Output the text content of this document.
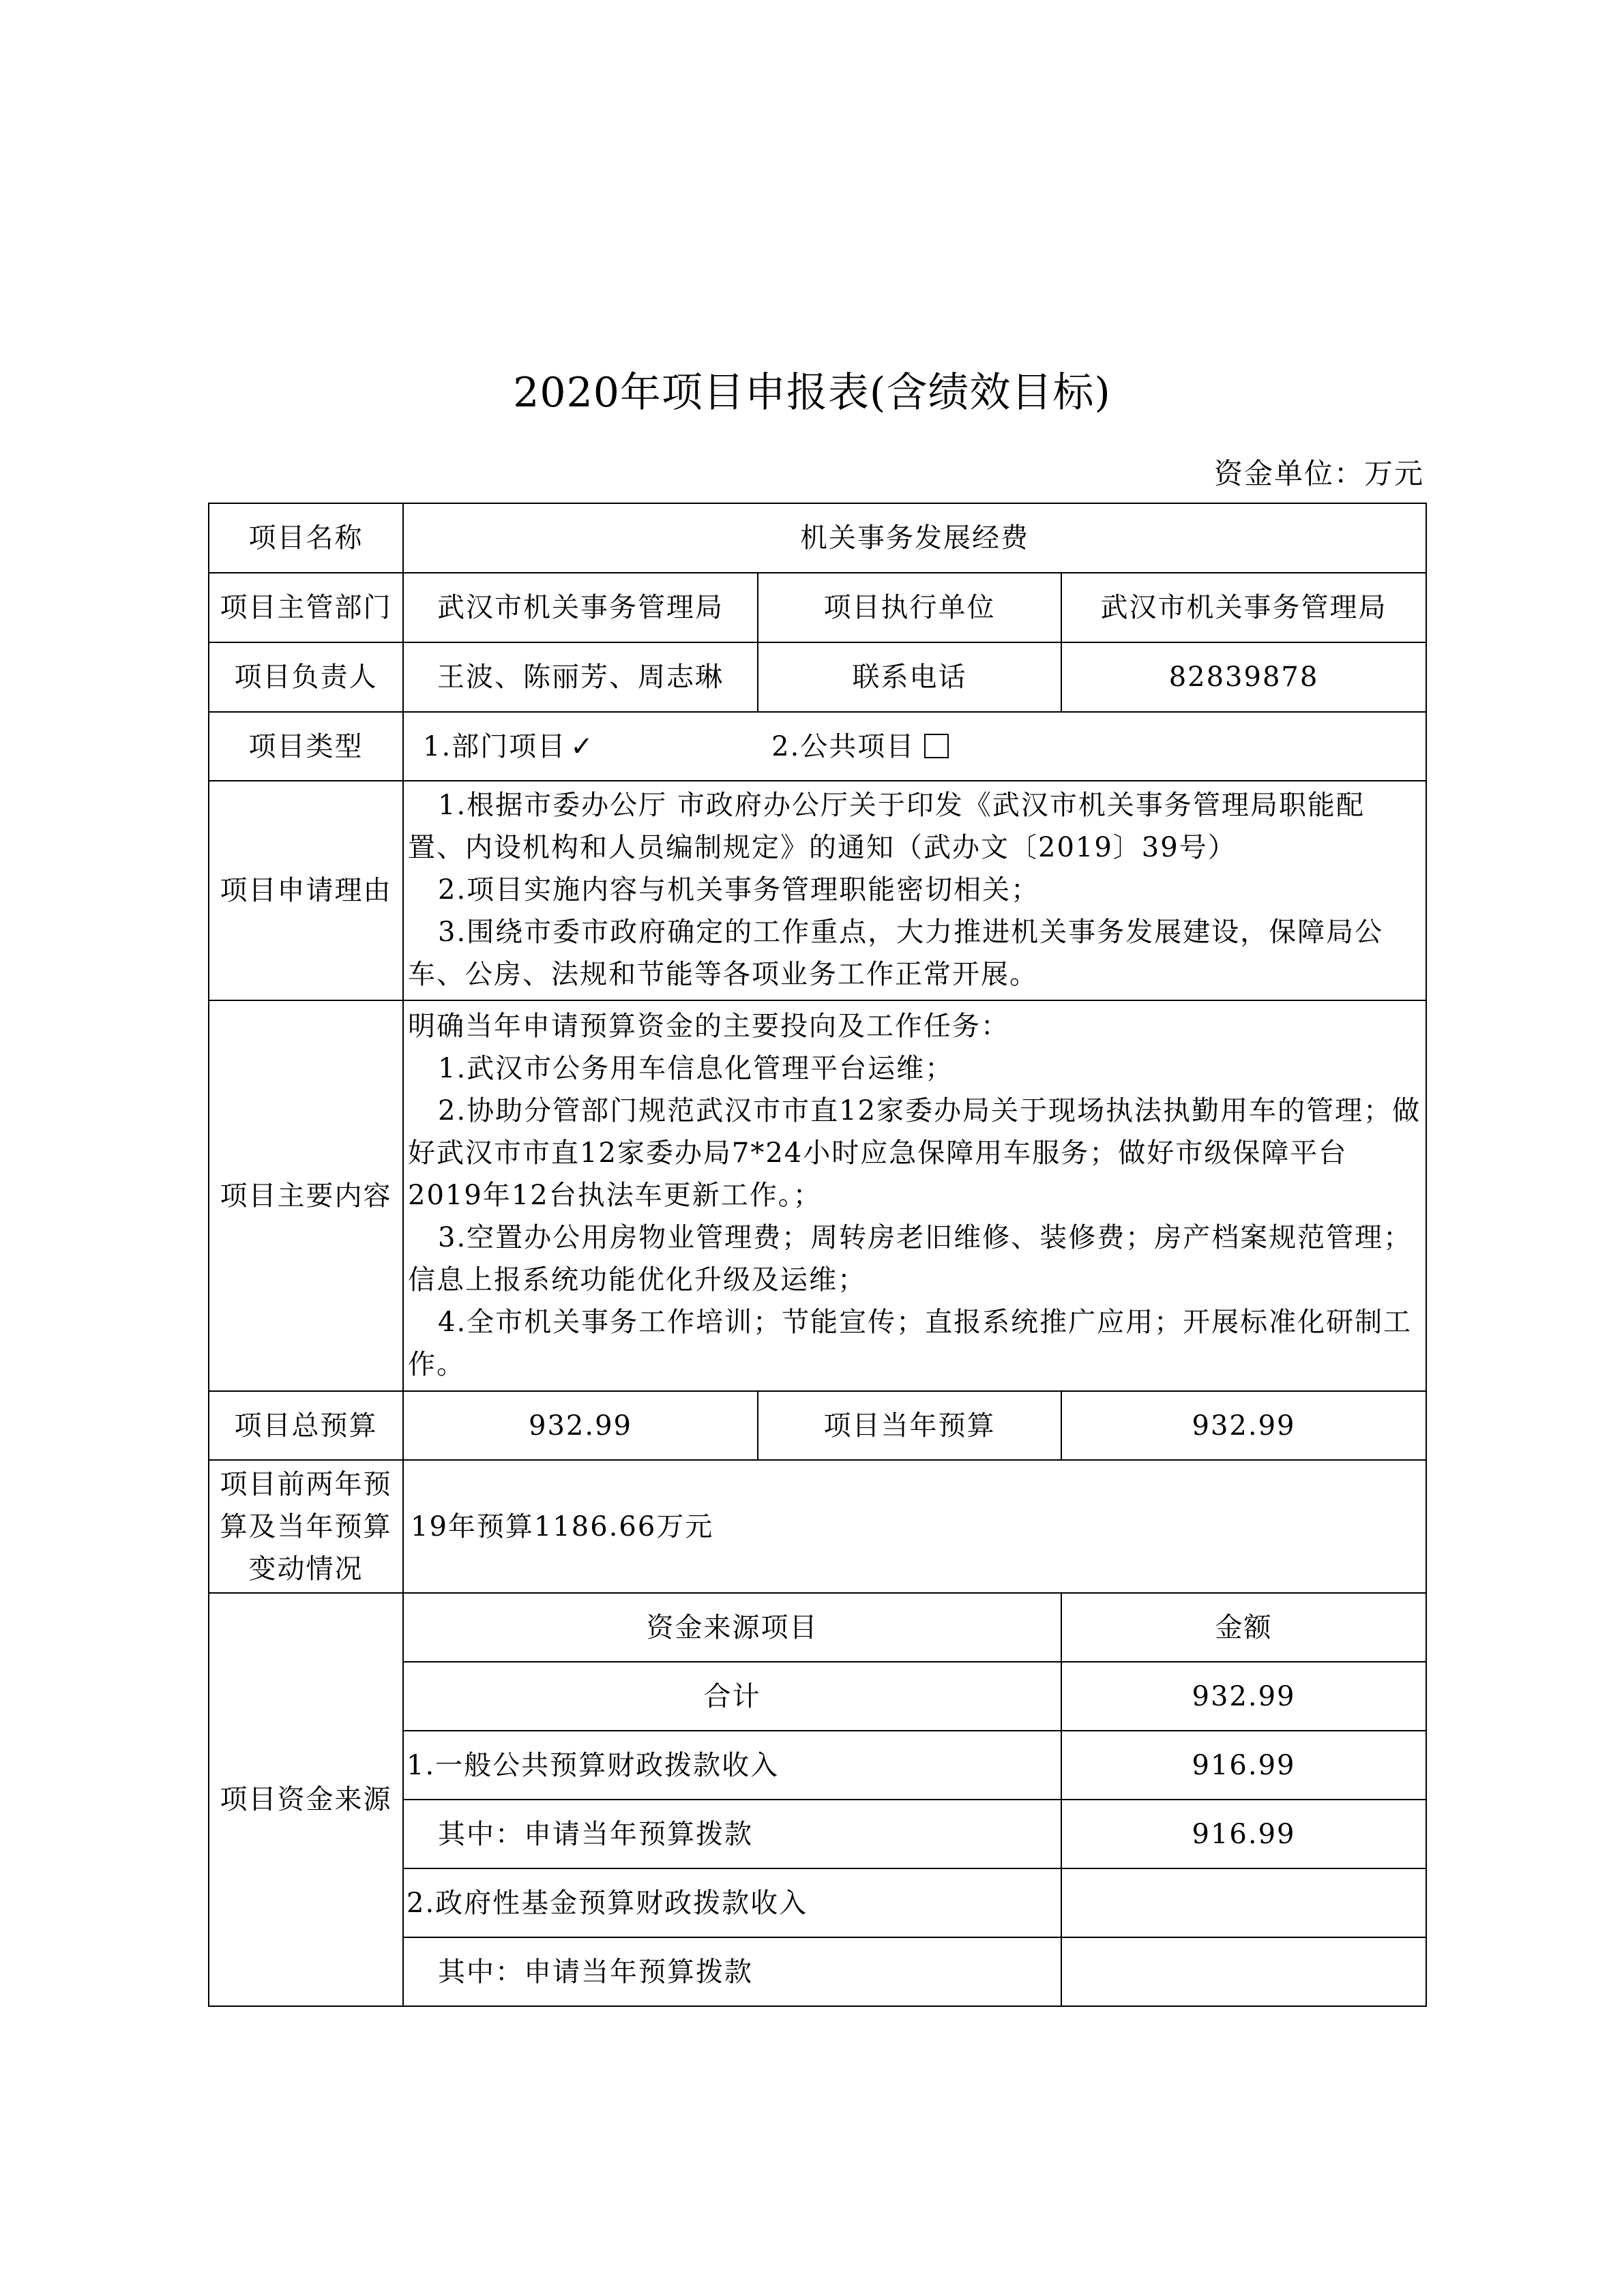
2020年项目申报表(含绩效目标)
资金单位：万元
项目名称	机关事务发展经费		
项目主管部门	武汉市机关事务管理局	项目执行单位	武汉市机关事务管理局
项目负责人	王波、陈丽芳、周志琳	联系电话	82839878
项目类型	1.部门项目 ✓ 2.公共项目		
项目申请理由	1.根据市委办公厅 市政府办公厅关于印发《武汉市机关事务管理局职能配置、内设机构和人员编制规定》的通知（武办文〔2019〕39号）
2.项目实施内容与机关事务管理职能密切相关；
3.围绕市委市政府确定的工作重点，大力推进机关事务发展建设，保障局公车、公房、法规和节能等各项业务工作正常开展。		

项目主要内容	明确当年申请预算资金的主要投向及工作任务：
1.武汉市公务用车信息化管理平台运维；
2.协助分管部门规范武汉市市直12家委办局关于现场执法执勤用车的管理；做好武汉市市直12家委办局7*24小时应急保障用车服务；做好市级保障平台2019年12台执法车更新工作。；
3.空置办公用房物业管理费；周转房老旧维修、装修费；房产档案规范管理；信息上报系统功能优化升级及运维；
4.全市机关事务工作培训；节能宣传；直报系统推广应用；开展标准化研制工作。		

项目总预算	932.99	项目当年预算	932.99
项目前两年预算及当年预算变动情况	19年预算1186.66万元		
项目资金来源	资金来源项目		金额
	合计		932.99
	1.一般公共预算财政拨款收入		916.99
	其中：申请当年预算拨款		916.99
	2.政府性基金预算财政拨款收入		
	其中：申请当年预算拨款		
